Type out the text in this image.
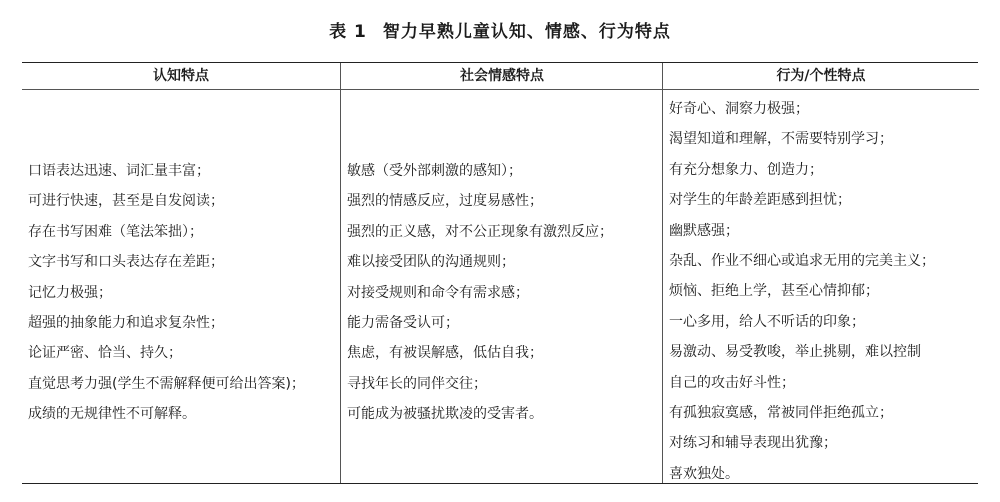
表 1 智力早熟儿童认知、情感、行为特点
认知特点
口语表达迅速、词汇量丰富；
可进行快速，甚至是自发阅读；
存在书写困难（笔法笨拙）；
文字书写和口头表达存在差距；
记忆力极强；
超强的抽象能力和追求复杂性；
论证严密、恰当、持久；
直觉思考力强(学生不需解释便可给出答案)；
成绩的无规律性不可解释。
社会情感特点
敏感（受外部刺激的感知）；
强烈的情感反应，过度易感性；
强烈的正义感，对不公正现象有激烈反应；
难以接受团队的沟通规则；
对接受规则和命令有需求感；
能力需备受认可；
焦虑，有被误解感，低估自我；
寻找年长的同伴交往；
可能成为被骚扰欺凌的受害者。
行为/个性特点
好奇心、洞察力极强；
渴望知道和理解，不需要特别学习；
有充分想象力、创造力；
对学生的年龄差距感到担忧；
幽默感强；
杂乱、作业不细心或追求无用的完美主义；
烦恼、拒绝上学，甚至心情抑郁；
一心多用，给人不听话的印象；
易激动、易受教唆，举止挑剔，难以控制
自己的攻击好斗性；
有孤独寂寞感，常被同伴拒绝孤立；
对练习和辅导表现出犹豫；
喜欢独处。
